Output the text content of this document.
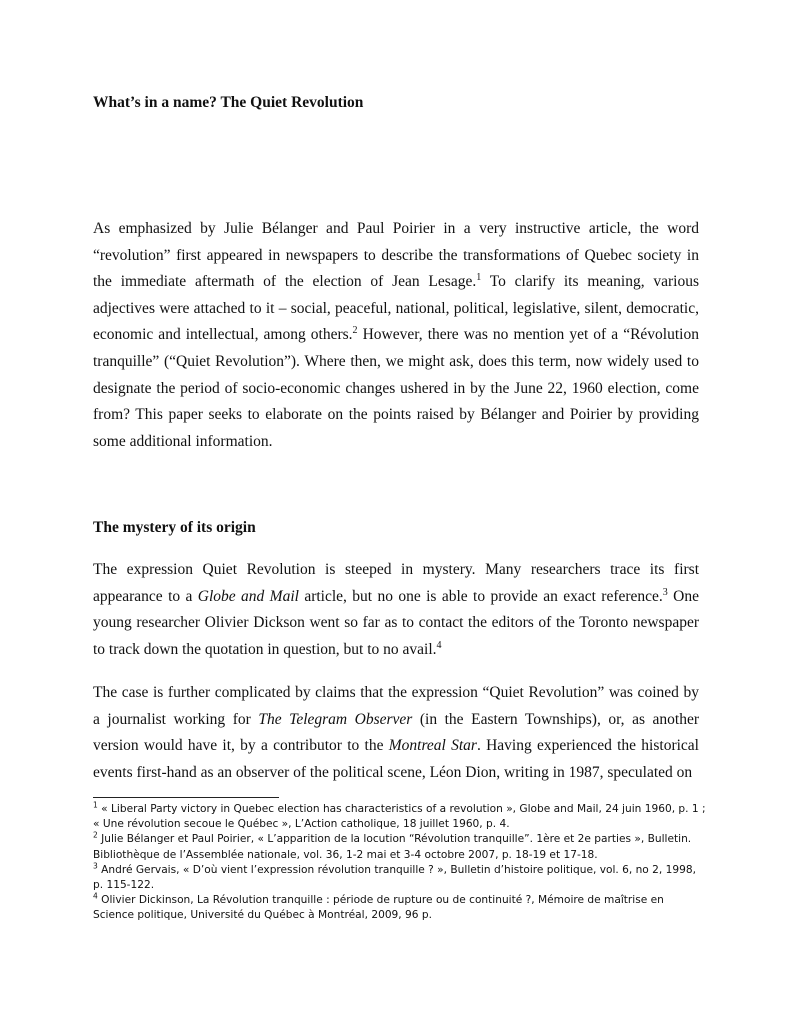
What’s in a name? The Quiet Revolution

As emphasized by Julie Bélanger and Paul Poirier in a very instructive article, the word “revolution” first appeared in newspapers to describe the transformations of Quebec society in the immediate aftermath of the election of Jean Lesage.$^1$ To clarify its meaning, various adjectives were attached to it – social, peaceful, national, political, legislative, silent, democratic, economic and intellectual, among others.$^2$ However, there was no mention yet of a “Révolution tranquille” (“Quiet Revolution”). Where then, we might ask, does this term, now widely used to designate the period of socio-economic changes ushered in by the June 22, 1960 election, come from? This paper seeks to elaborate on the points raised by Bélanger and Poirier by providing some additional information.

The mystery of its origin

The expression Quiet Revolution is steeped in mystery. Many researchers trace its first appearance to a Globe and Mail article, but no one is able to provide an exact reference.$^3$ One young researcher Olivier Dickson went so far as to contact the editors of the Toronto newspaper to track down the quotation in question, but to no avail.$^4$

The case is further complicated by claims that the expression “Quiet Revolution” was coined by a journalist working for The Telegram Observer (in the Eastern Townships), or, as another version would have it, by a contributor to the Montreal Star. Having experienced the historical events first-hand as an observer of the political scene, Léon Dion, writing in 1987, speculated on

$^1$ « Liberal Party victory in Quebec election has characteristics of a revolution », Globe and Mail, 24 juin 1960, p. 1 ; « Une révolution secoue le Québec », L’Action catholique, 18 juillet 1960, p. 4.

$^2$ Julie Bélanger et Paul Poirier, « L’apparition de la locution “Révolution tranquille”. 1ère et 2e parties », Bulletin. Bibliothèque de l’Assemblée nationale, vol. 36, 1-2 mai et 3-4 octobre 2007, p. 18-19 et 17-18.

$^3$ André Gervais, « D’où vient l’expression révolution tranquille ? », Bulletin d’histoire politique, vol. 6, no 2, 1998, p. 115-122.

$^4$ Olivier Dickinson, La Révolution tranquille : période de rupture ou de continuité ?, Mémoire de maîtrise en Science politique, Université du Québec à Montréal, 2009, 96 p.
